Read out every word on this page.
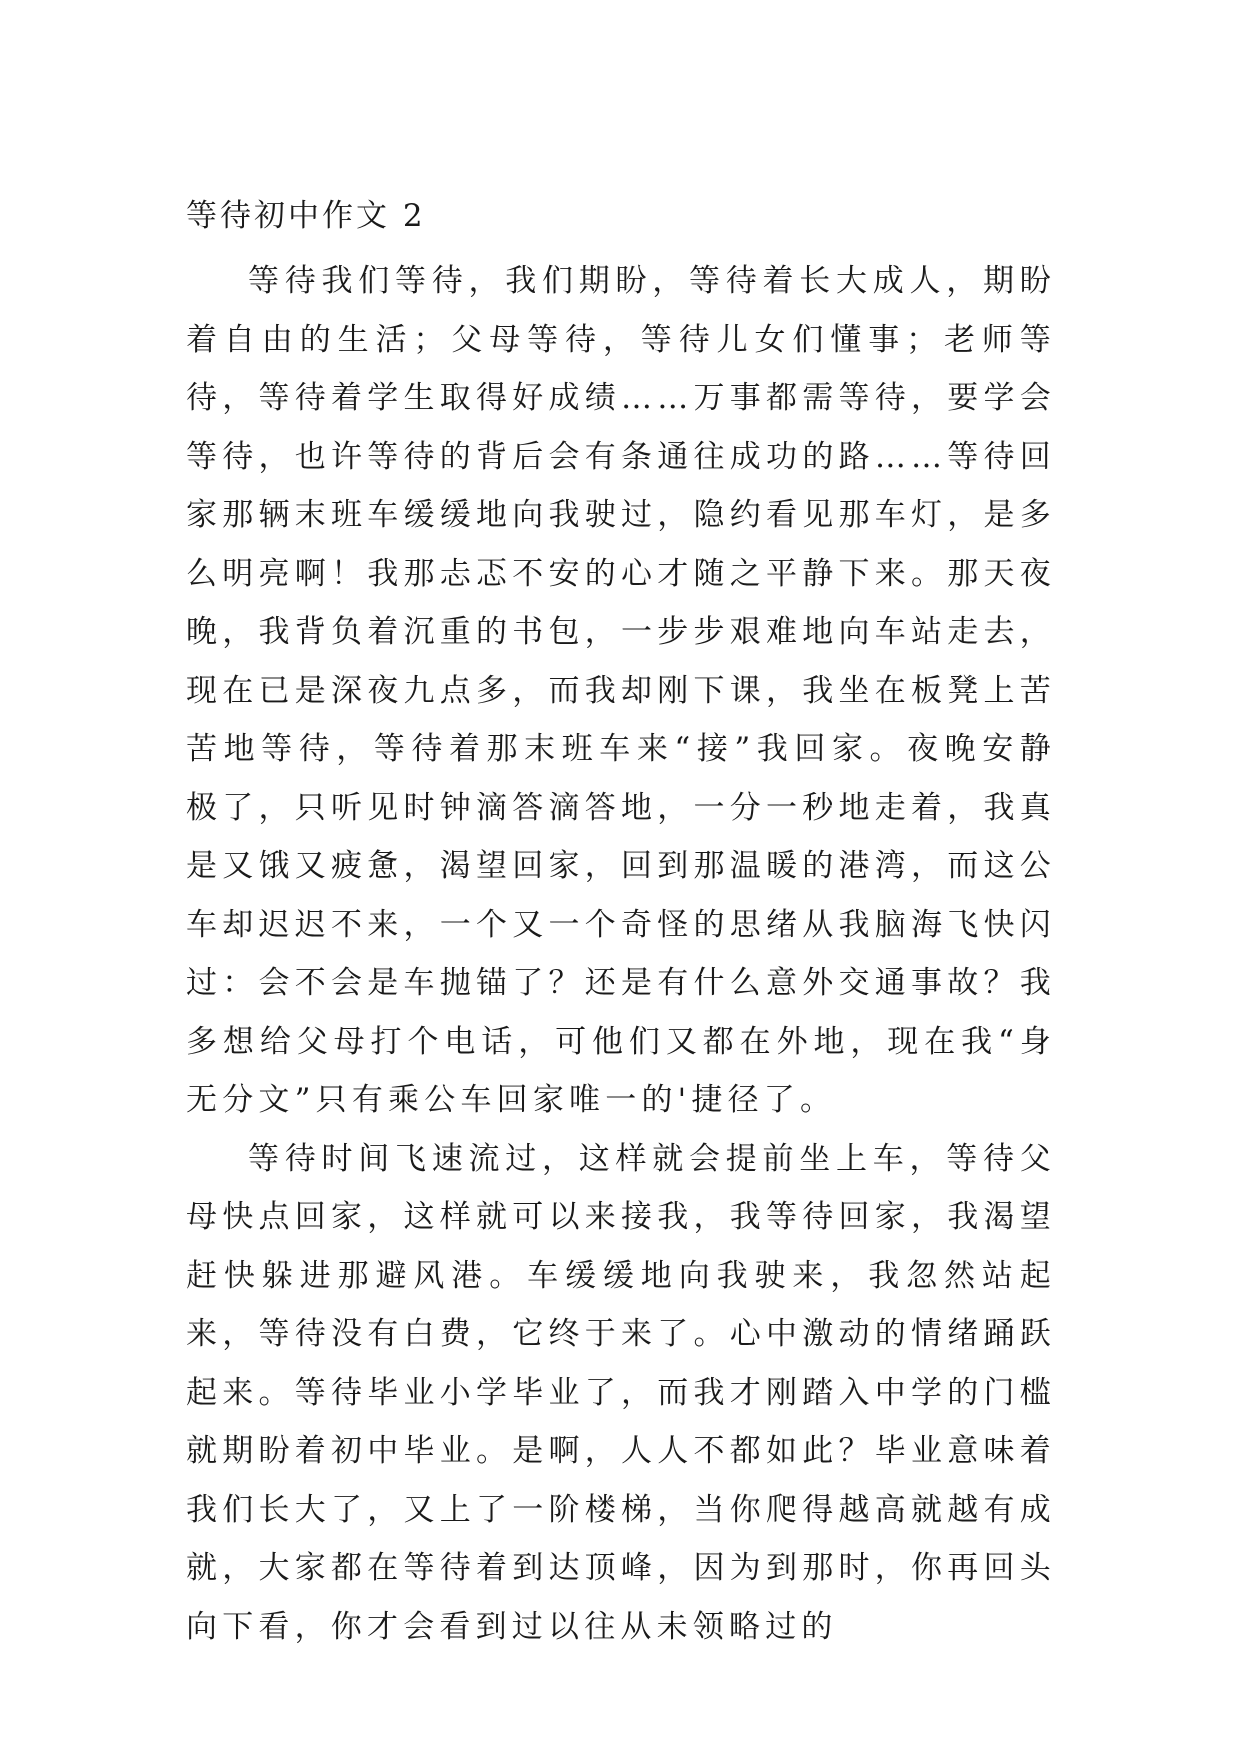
等待初中作文 2

等待我们等待，我们期盼，等待着长大成人，期盼着自由的生活；父母等待，等待儿女们懂事；老师等待，等待着学生取得好成绩……万事都需等待，要学会等待，也许等待的背后会有条通往成功的路……等待回家那辆末班车缓缓地向我驶过，隐约看见那车灯，是多么明亮啊！我那忐忑不安的心才随之平静下来。那天夜晚，我背负着沉重的书包，一步步艰难地向车站走去，现在已是深夜九点多，而我却刚下课，我坐在板凳上苦苦地等待，等待着那末班车来“接”我回家。夜晚安静极了，只听见时钟滴答滴答地，一分一秒地走着，我真是又饿又疲惫，渴望回家，回到那温暖的港湾，而这公车却迟迟不来，一个又一个奇怪的思绪从我脑海飞快闪过：会不会是车抛锚了？还是有什么意外交通事故？我多想给父母打个电话，可他们又都在外地，现在我“身无分文”只有乘公车回家唯一的'捷径了。

等待时间飞速流过，这样就会提前坐上车，等待父母快点回家，这样就可以来接我，我等待回家，我渴望赶快躲进那避风港。车缓缓地向我驶来，我忽然站起来，等待没有白费，它终于来了。心中激动的情绪踊跃起来。等待毕业小学毕业了，而我才刚踏入中学的门槛就期盼着初中毕业。是啊，人人不都如此？毕业意味着我们长大了，又上了一阶楼梯，当你爬得越高就越有成就，大家都在等待着到达顶峰，因为到那时，你再回头向下看，你才会看到过以往从未领略过的
